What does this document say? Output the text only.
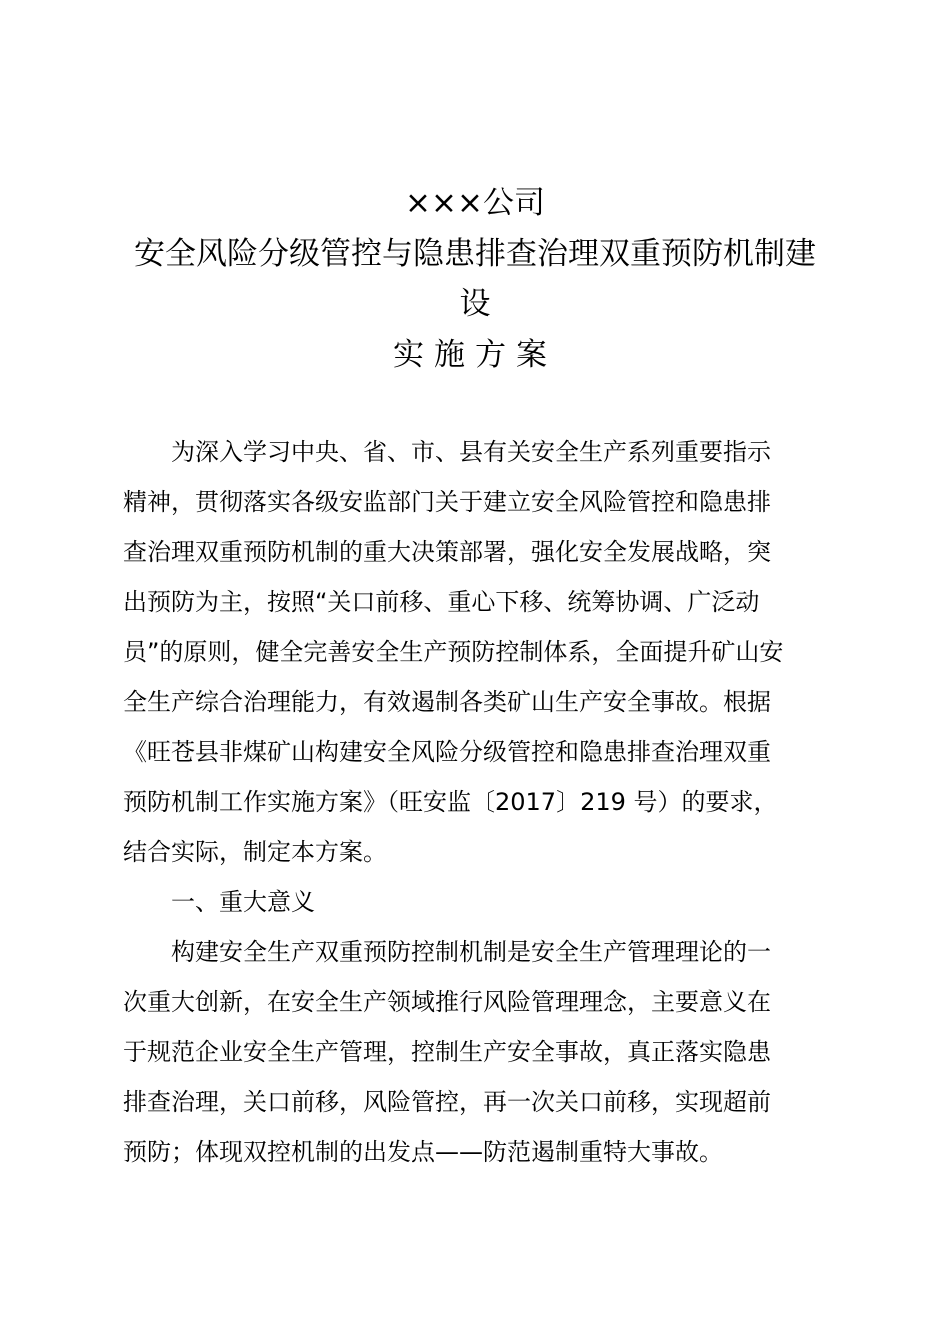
×××公司
安全风险分级管控与隐患排查治理双重预防机制建
设
实施方案
　　为深入学习中央、省、市、县有关安全生产系列重要指示
精神，贯彻落实各级安监部门关于建立安全风险管控和隐患排
查治理双重预防机制的重大决策部署，强化安全发展战略，突
出预防为主，按照“关口前移、重心下移、统筹协调、广泛动
员”的原则，健全完善安全生产预防控制体系，全面提升矿山安
全生产综合治理能力，有效遏制各类矿山生产安全事故。根据
《旺苍县非煤矿山构建安全风险分级管控和隐患排查治理双重
预防机制工作实施方案》（旺安监〔2017〕219 号）的要求，
结合实际，制定本方案。
　　一、重大意义
　　构建安全生产双重预防控制机制是安全生产管理理论的一
次重大创新，在安全生产领域推行风险管理理念，主要意义在
于规范企业安全生产管理，控制生产安全事故，真正落实隐患
排查治理，关口前移，风险管控，再一次关口前移，实现超前
预防；体现双控机制的出发点——防范遏制重特大事故。
